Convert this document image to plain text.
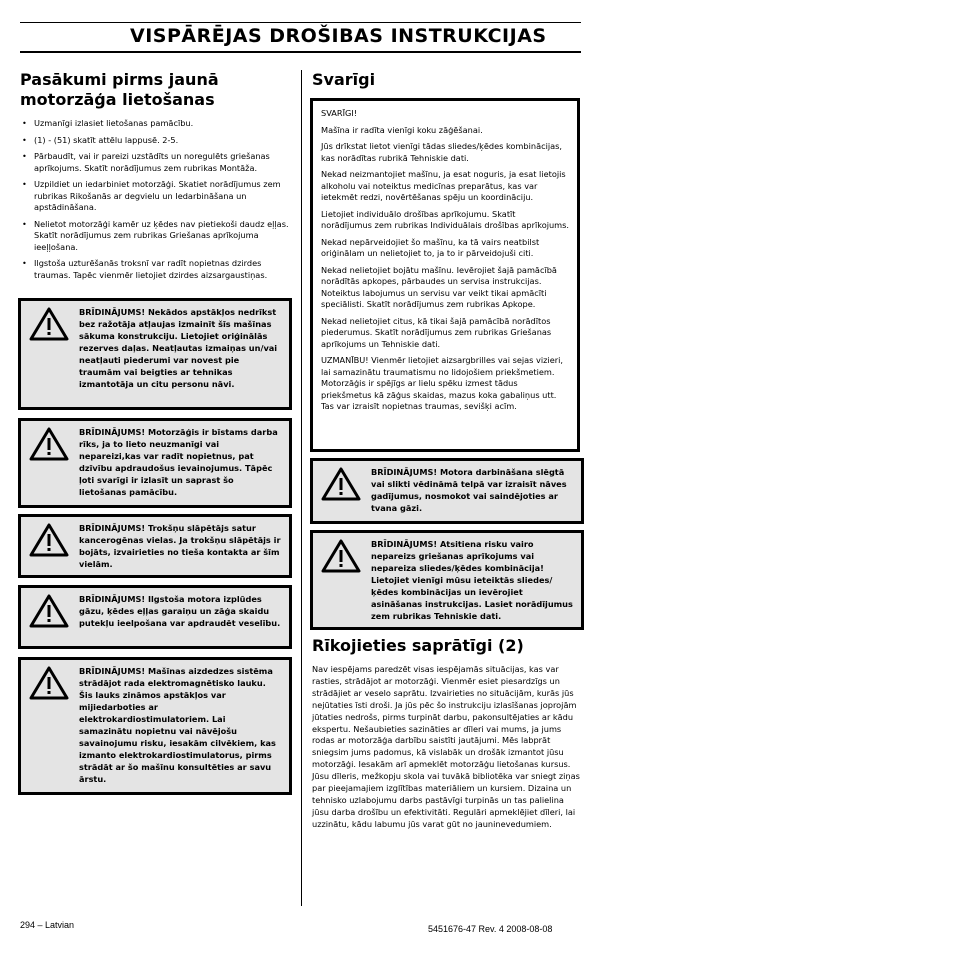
VISPĀRĒJAS DROŠIBAS INSTRUKCIJAS
Pasākumi pirms jaunā motorzāģa lietošanas
• Uzmanīgi izlasiet lietošanas pamācību.
• (1) - (51) skatīt attēlu lappusē. 2-5.
• Pārbaudīt, vai ir pareizi uzstādīts un noregulēts griešanas aprīkojums. Skatīt norādījumus zem rubrikas Montāža.
• Uzpildiet un iedarbiniet motorzāģi. Skatiet norādījumus zem rubrikas Rikošanās ar degvielu un Iedarbināšana un apstādināšana.
• Nelietot motorzāģi kamēr uz ķēdes nav pietiekoši daudz eļļas. Skatīt norādījumus zem rubrikas Griešanas aprīkojuma ieeļļošana.
• Ilgstoša uzturēšanās troksnī var radīt nopietnas dzirdes traumas. Tapēc vienmēr lietojiet dzirdes aizsargaustiņas.
BRĪDINĀJUMS! Nekādos apstākļos nedrīkst bez ražotāja atļaujas izmainīt šīs mašīnas sākuma konstrukciju. Lietojiet oriģinālās rezerves daļas. Neatļautas izmaiņas un/vai neatļauti piederumi var novest pie traumām vai beigties ar tehnikas izmantotāja un citu personu nāvi.
BRĪDINĀJUMS! Motorzāģis ir bīstams darba rīks, ja to lieto neuzmanīgi vai nepareizi,kas var radīt nopietnus, pat dzīvību apdraudošus ievainojumus. Tāpēc ļoti svarīgi ir izlasīt un saprast šo lietošanas pamācību.
BRĪDINĀJUMS! Trokšņu slāpētājs satur kancerogēnas vielas. Ja trokšņu slāpētājs ir bojāts, izvairieties no tieša kontakta ar šīm vielām.
BRĪDINĀJUMS! Ilgstoša motora izplūdes gāzu, ķēdes eļļas garaiņu un zāģa skaidu putekļu ieelpošana var apdraudēt veselību.
BRĪDINĀJUMS! Mašīnas aizdedzes sistēma strādājot rada elektromagnētisko lauku. Šis lauks zināmos apstākļos var mijiedarboties ar elektrokardiostimulatoriem. Lai samazinātu nopietnu vai nāvējošu savainojumu risku, iesakām cilvēkiem, kas izmanto elektrokardiostimulatorus, pirms strādāt ar šo mašīnu konsultēties ar savu ārstu.
Svarīgi

SVARĪGI!

Mašīna ir radīta vienīgi koku zāģēšanai.

Jūs drīkstat lietot vienīgi tādas sliedes/ķēdes kombinācijas, kas norādītas rubrikā Tehniskie dati.

Nekad neizmantojiet mašīnu, ja esat noguris, ja esat lietojis alkoholu vai noteiktus medicīnas preparātus, kas var ietekmēt redzi, novērtēšanas spēju un koordināciju.

Lietojiet individuālo drošības aprīkojumu. Skatīt norādījumus zem rubrikas Individuālais drošības aprīkojums.

Nekad nepārveidojiet šo mašīnu, ka tā vairs neatbilst oriģinālam un nelietojiet to, ja to ir pārveidojuši citi.

Nekad nelietojiet bojātu mašīnu. Ievērojiet šajā pamācībā norādītās apkopes, pārbaudes un servisa instrukcijas. Noteiktus labojumus un servisu var veikt tikai apmācīti speciālisti. Skatīt norādījumus zem rubrikas Apkope.

Nekad nelietojiet citus, kā tikai šajā pamācībā norādītos piederumus. Skatīt norādījumus zem rubrikas Griešanas aprīkojums un Tehniskie dati.

UZMANĪBU! Vienmēr lietojiet aizsargbrilles vai sejas vizieri, lai samazinātu traumatismu no lidojošiem priekšmetiem. Motorzāģis ir spējīgs ar lielu spēku izmest tādus priekšmetus kā zāģus skaidas, mazus koka gabaliņus utt. Tas var izraisīt nopietnas traumas, sevišķi acīm.

BRĪDINĀJUMS! Motora darbināšana slēgtā vai slikti vēdināmā telpā var izraisīt nāves gadījumus, nosmokot vai saindējoties ar tvana gāzi.
BRĪDINĀJUMS! Atsitiena risku vairo nepareizs griešanas aprīkojums vai nepareiza sliedes/ķēdes kombinācija! Lietojiet vienīgi mūsu ieteiktās sliedes/ķēdes kombinācijas un ievērojiet asināšanas instrukcijas. Lasiet norādījumus zem rubrikas Tehniskie dati.
Rīkojieties saprātīgi (2)

Nav iespējams paredzēt visas iespējamās situācijas, kas var rasties, strādājot ar motorzāģi. Vienmēr esiet piesardzīgs un strādājiet ar veselo saprātu. Izvairieties no situācijām, kurās jūs nejūtaties īsti droši. Ja jūs pēc šo instrukciju izlasīšanas joprojām jūtaties nedrošs, pirms turpināt darbu, pakonsultējaties ar kādu ekspertu. Nešaubieties sazināties ar dīleri vai mums, ja jums rodas ar motorzāģa darbību saistīti jautājumi. Mēs labprāt sniegsim jums padomus, kā vislabāk un drošāk izmantot jūsu motorzāģi. Iesakām arī apmeklēt motorzāģu lietošanas kursus. Jūsu dīleris, mežkopju skola vai tuvākā bibliotēka var sniegt ziņas par pieejamajiem izglītības materiāliem un kursiem. Dizaina un tehnisko uzlabojumu darbs pastāvīgi turpinās un tas palielina jūsu darba drošību un efektivitāti. Regulāri apmeklējiet dīleri, lai uzzinātu, kādu labumu jūs varat gūt no jauninevedumiem.

294 – Latvian	5451676-47 Rev. 4 2008-08-08
